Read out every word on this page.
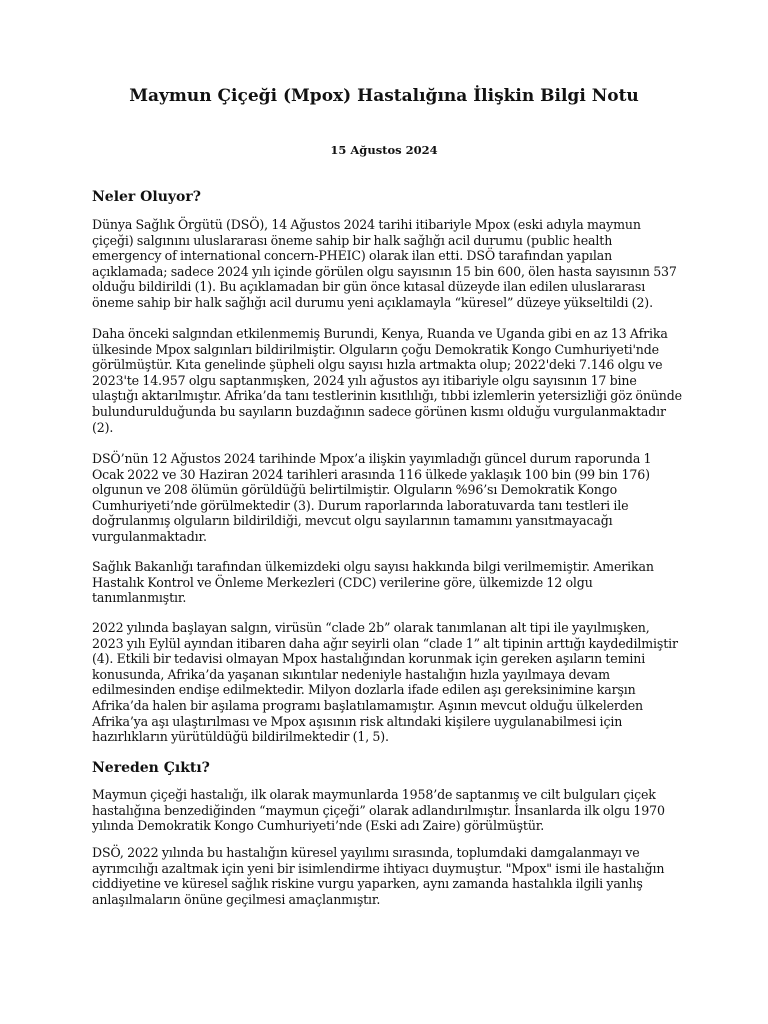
Maymun Çiçeği (Mpox) Hastalığına İlişkin Bilgi Notu

15 Ağustos 2024

Neler Oluyor?

Dünya Sağlık Örgütü (DSÖ), 14 Ağustos 2024 tarihi itibariyle Mpox (eski adıyla maymun çiçeği) salgınını uluslararası öneme sahip bir halk sağlığı acil durumu (public health emergency of international concern-PHEIC) olarak ilan etti. DSÖ tarafından yapılan açıklamada; sadece 2024 yılı içinde görülen olgu sayısının 15 bin 600, ölen hasta sayısının 537 olduğu bildirildi (1). Bu açıklamadan bir gün önce kıtasal düzeyde ilan edilen uluslararası öneme sahip bir halk sağlığı acil durumu yeni açıklamayla “küresel” düzeye yükseltildi (2).

Daha önceki salgından etkilenmemiş Burundi, Kenya, Ruanda ve Uganda gibi en az 13 Afrika ülkesinde Mpox salgınları bildirilmiştir. Olguların çoğu Demokratik Kongo Cumhuriyeti'nde görülmüştür. Kıta genelinde şüpheli olgu sayısı hızla artmakta olup; 2022'deki 7.146 olgu ve 2023'te 14.957 olgu saptanmışken, 2024 yılı ağustos ayı itibariyle olgu sayısının 17 bine ulaştığı aktarılmıştır. Afrika’da tanı testlerinin kısıtlılığı, tıbbi izlemlerin yetersizliği göz önünde bulundurulduğunda bu sayıların buzdağının sadece görünen kısmı olduğu vurgulanmaktadır (2).

DSÖ’nün 12 Ağustos 2024 tarihinde Mpox’a ilişkin yayımladığı güncel durum raporunda 1 Ocak 2022 ve 30 Haziran 2024 tarihleri arasında 116 ülkede yaklaşık 100 bin (99 bin 176) olgunun ve 208 ölümün görüldüğü belirtilmiştir. Olguların %96’sı Demokratik Kongo Cumhuriyeti’nde görülmektedir (3). Durum raporlarında laboratuvarda tanı testleri ile doğrulanmış olguların bildirildiği, mevcut olgu sayılarının tamamını yansıtmayacağı vurgulanmaktadır.

Sağlık Bakanlığı tarafından ülkemizdeki olgu sayısı hakkında bilgi verilmemiştir. Amerikan Hastalık Kontrol ve Önleme Merkezleri (CDC) verilerine göre, ülkemizde 12 olgu tanımlanmıştır.

2022 yılında başlayan salgın, virüsün “clade 2b” olarak tanımlanan alt tipi ile yayılmışken, 2023 yılı Eylül ayından itibaren daha ağır seyirli olan “clade 1” alt tipinin arttığı kaydedilmiştir (4). Etkili bir tedavisi olmayan Mpox hastalığından korunmak için gereken aşıların temini konusunda, Afrika’da yaşanan sıkıntılar nedeniyle hastalığın hızla yayılmaya devam edilmesinden endişe edilmektedir. Milyon dozlarla ifade edilen aşı gereksinimine karşın Afrika’da halen bir aşılama programı başlatılamamıştır. Aşının mevcut olduğu ülkelerden Afrika’ya aşı ulaştırılması ve Mpox aşısının risk altındaki kişilere uygulanabilmesi için hazırlıkların yürütüldüğü bildirilmektedir (1, 5).

Nereden Çıktı?

Maymun çiçeği hastalığı, ilk olarak maymunlarda 1958’de saptanmış ve cilt bulguları çiçek hastalığına benzediğinden “maymun çiçeği” olarak adlandırılmıştır. İnsanlarda ilk olgu 1970 yılında Demokratik Kongo Cumhuriyeti’nde (Eski adı Zaire) görülmüştür.

DSÖ, 2022 yılında bu hastalığın küresel yayılımı sırasında, toplumdaki damgalanmayı ve ayrımcılığı azaltmak için yeni bir isimlendirme ihtiyacı duymuştur. "Mpox" ismi ile hastalığın ciddiyetine ve küresel sağlık riskine vurgu yaparken, aynı zamanda hastalıkla ilgili yanlış anlaşılmaların önüne geçilmesi amaçlanmıştır.
